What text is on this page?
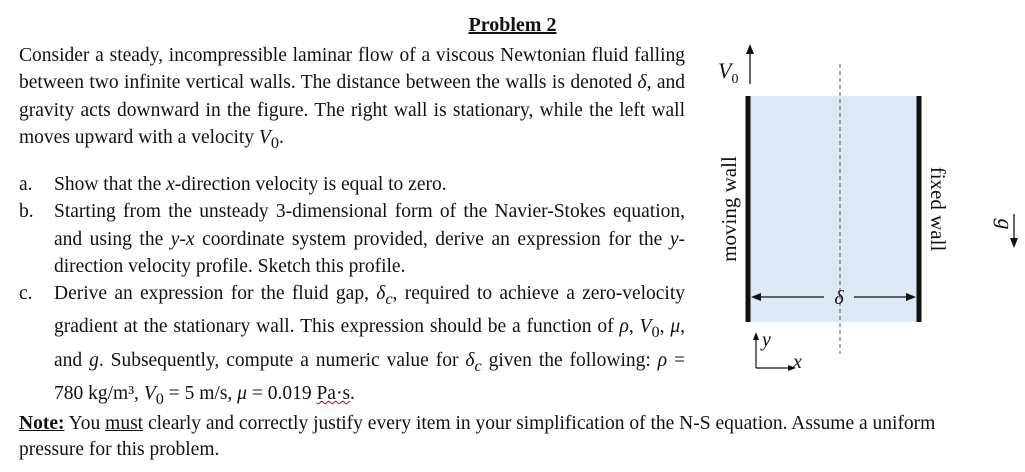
Problem 2
Consider a steady, incompressible laminar flow of a viscous Newtonian fluid falling between two infinite vertical walls. The distance between the walls is denoted δ, and gravity acts downward in the figure. The right wall is stationary, while the left wall moves upward with a velocity $V_0$.
a.	Show that the x-direction velocity is equal to zero.
b.	Starting from the unsteady 3-dimensional form of the Navier-Stokes equation, and using the y-x coordinate system provided, derive an expression for the y-direction velocity profile. Sketch this profile.
c.	Derive an expression for the fluid gap, $\delta_c$, required to achieve a zero-velocity gradient at the stationary wall. This expression should be a function of ρ, $V_0$, μ, and g. Subsequently, compute a numeric value for $\delta_c$ given the following: ρ = 780 kg/m³, $V_0 = 5$ m/s, μ = 0.019 Pa·s.
Note: You must clearly and correctly justify every item in your simplification of the N-S equation. Assume a uniform pressure for this problem.
$V_0$
moving wall	fixed wall
δ
y
x
g
